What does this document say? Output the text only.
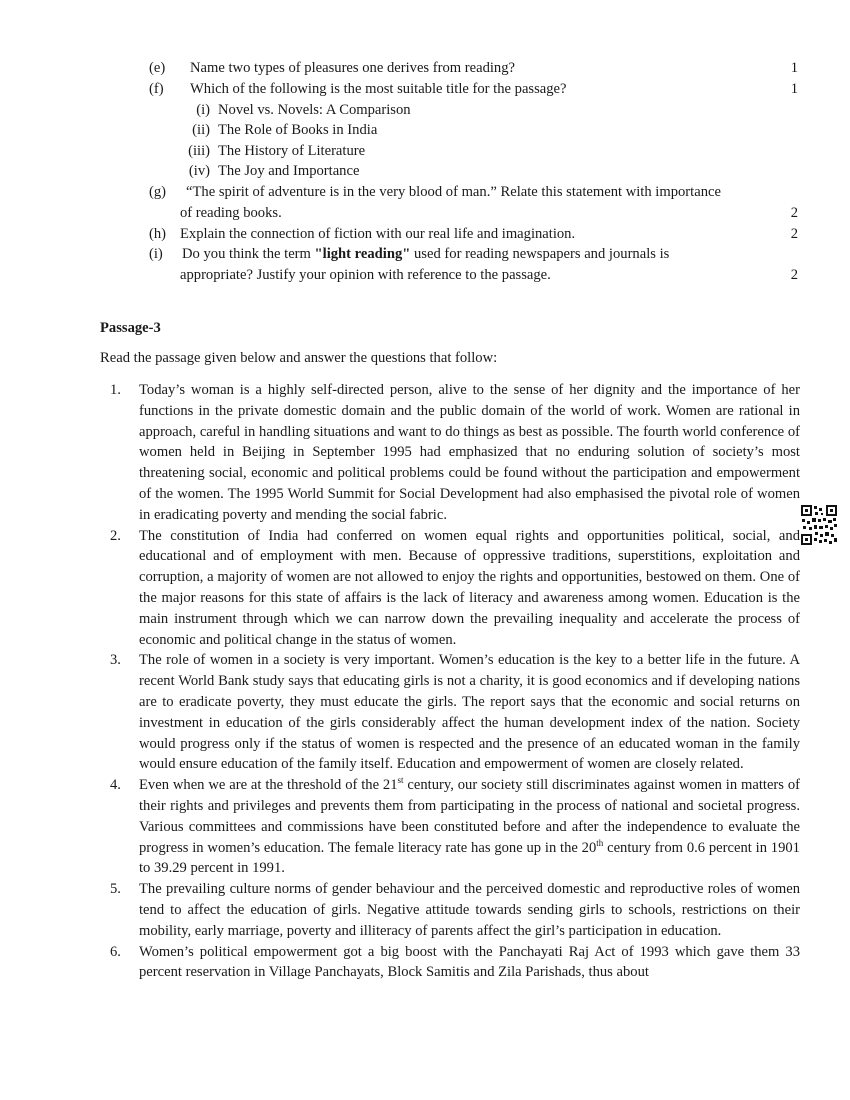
(e) Name two types of pleasures one derives from reading?	1
(f) Which of the following is the most suitable title for the passage?	1
(i) Novel vs. Novels: A Comparison
(ii) The Role of Books in India
(iii) The History of Literature
(iv) The Joy and Importance
(g) “The spirit of adventure is in the very blood of man.” Relate this statement with importance
of reading books.	2
(h) Explain the connection of fiction with our real life and imagination.	2
(i) Do you think the term "light reading" used for reading newspapers and journals is
appropriate? Justify your opinion with reference to the passage.	2
Passage-3
Read the passage given below and answer the questions that follow:
1. Today’s woman is a highly self-directed person, alive to the sense of her dignity and the importance of her functions in the private domestic domain and the public domain of the world of work. Women are rational in approach, careful in handling situations and want to do things as best as possible. The fourth world conference of women held in Beijing in September 1995 had emphasized that no enduring solution of society’s most threatening social, economic and political problems could be found without the participation and empowerment of the women. The 1995 World Summit for Social Development had also emphasised the pivotal role of women in eradicating poverty and mending the social fabric.
2. The constitution of India had conferred on women equal rights and opportunities political, social, and educational and of employment with men. Because of oppressive traditions, superstitions, exploitation and corruption, a majority of women are not allowed to enjoy the rights and opportunities, bestowed on them. One of the major reasons for this state of affairs is the lack of literacy and awareness among women. Education is the main instrument through which we can narrow down the prevailing inequality and accelerate the process of economic and political change in the status of women.
3. The role of women in a society is very important. Women’s education is the key to a better life in the future. A recent World Bank study says that educating girls is not a charity, it is good economics and if developing nations are to eradicate poverty, they must educate the girls. The report says that the economic and social returns on investment in education of the girls considerably affect the human development index of the nation. Society would progress only if the status of women is respected and the presence of an educated woman in the family would ensure education of the family itself. Education and empowerment of women are closely related.
4. Even when we are at the threshold of the 21st century, our society still discriminates against women in matters of their rights and privileges and prevents them from participating in the process of national and societal progress. Various committees and commissions have been constituted before and after the independence to evaluate the progress in women’s education. The female literacy rate has gone up in the 20th century from 0.6 percent in 1901 to 39.29 percent in 1991.
5. The prevailing culture norms of gender behaviour and the perceived domestic and reproductive roles of women tend to affect the education of girls. Negative attitude towards sending girls to schools, restrictions on their mobility, early marriage, poverty and illiteracy of parents affect the girl’s participation in education.
6. Women’s political empowerment got a big boost with the Panchayati Raj Act of 1993 which gave them 33 percent reservation in Village Panchayats, Block Samitis and Zila Parishads, thus about
